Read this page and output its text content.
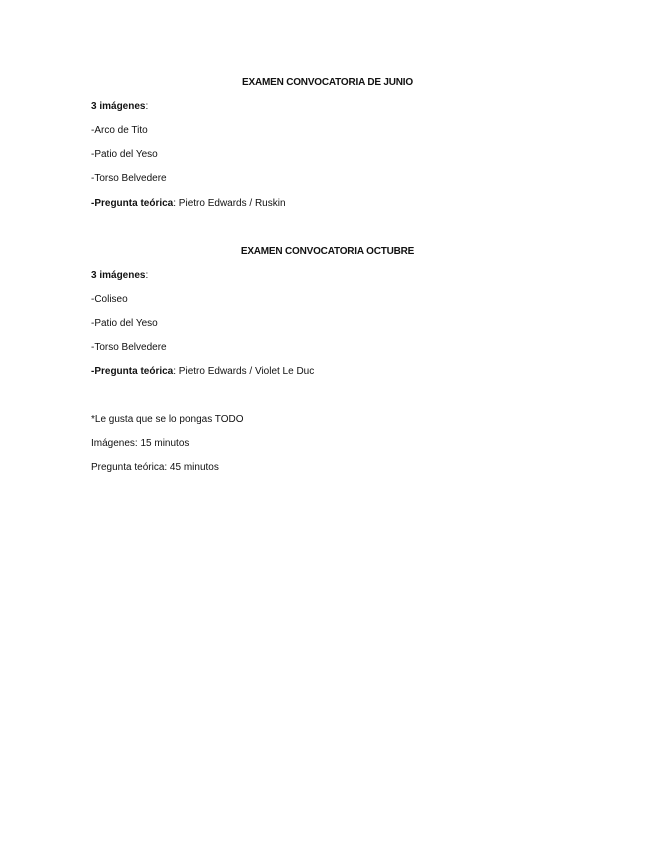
EXAMEN CONVOCATORIA DE JUNIO
3 imágenes:
-Arco de Tito
-Patio del Yeso
-Torso Belvedere
-Pregunta teórica: Pietro Edwards / Ruskin
EXAMEN CONVOCATORIA OCTUBRE
3 imágenes:
-Coliseo
-Patio del Yeso
-Torso Belvedere
-Pregunta teórica: Pietro Edwards / Violet Le Duc
*Le gusta que se lo pongas TODO
Imágenes: 15 minutos
Pregunta teórica: 45 minutos
